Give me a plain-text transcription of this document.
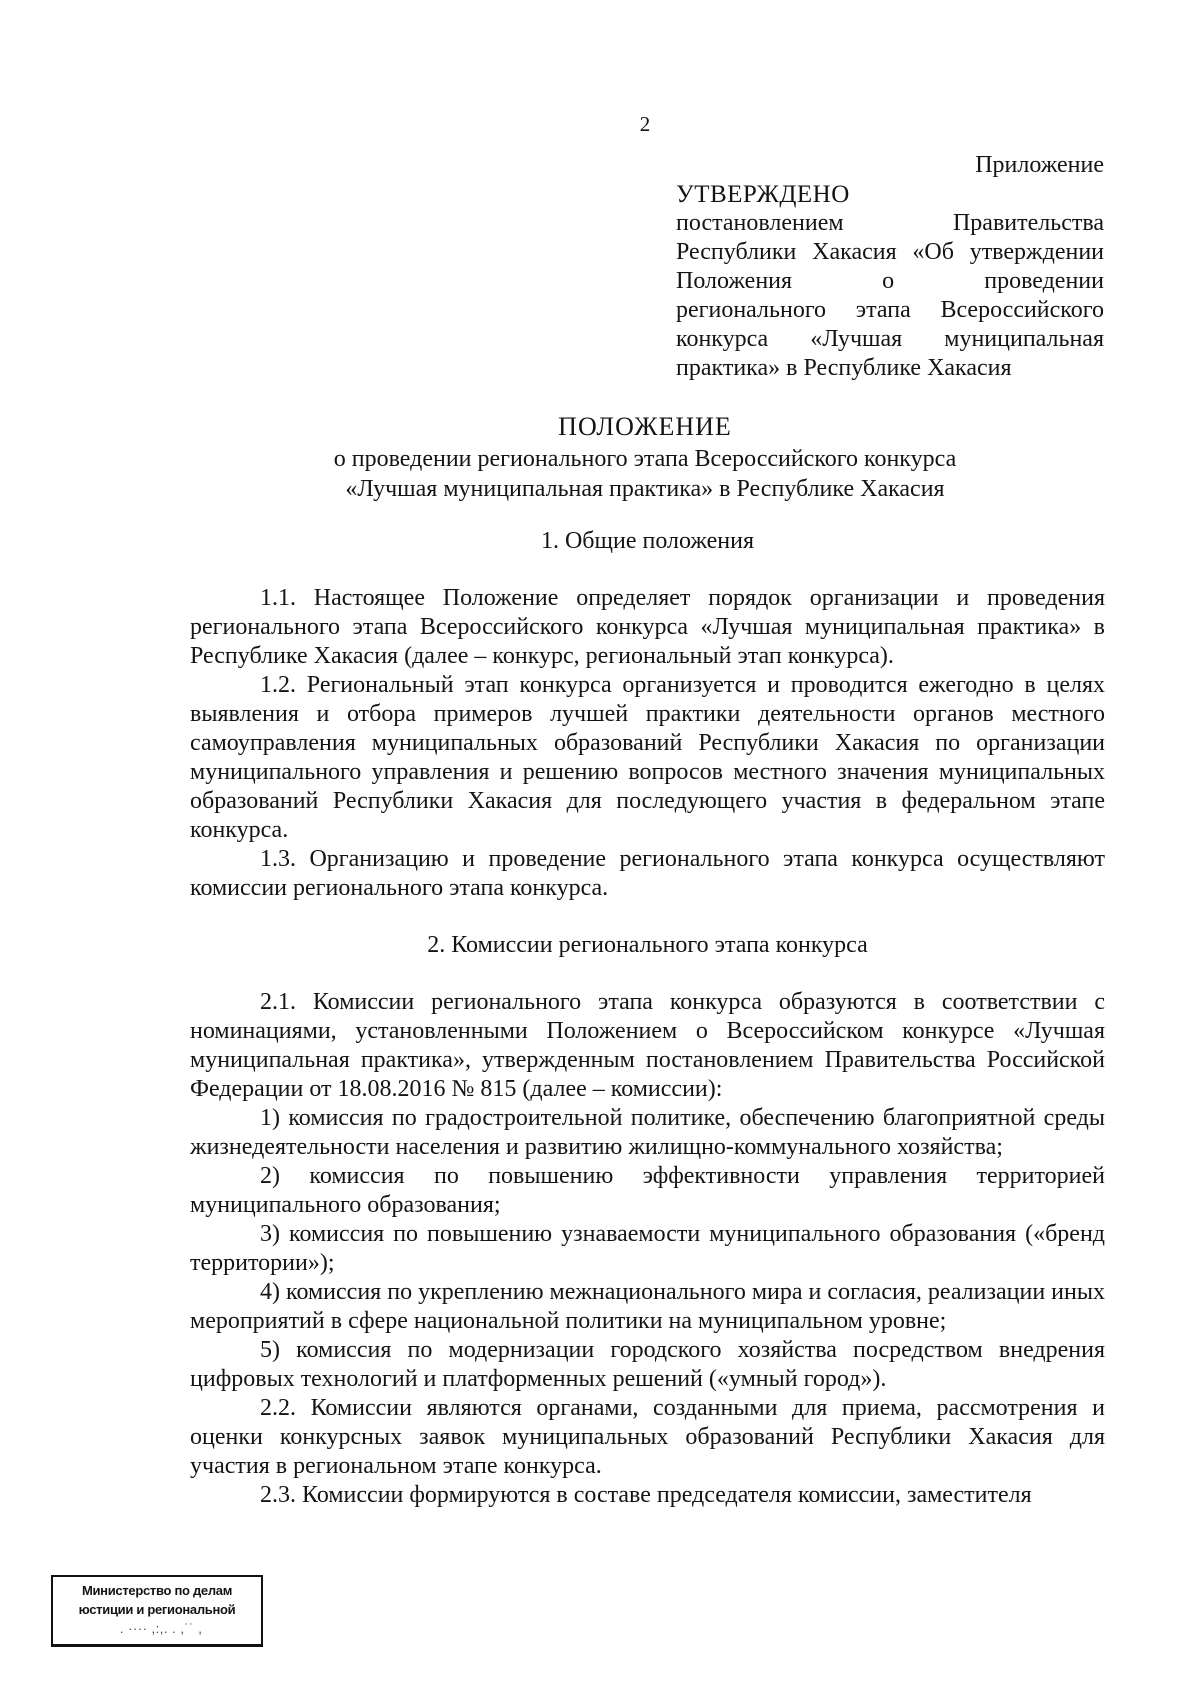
2
Приложение
УТВЕРЖДЕНО
постановлением Правительства
Республики Хакасия «Об утверждении
Положения о проведении
регионального этапа Всероссийского
конкурса «Лучшая муниципальная
практика» в Республике Хакасия
ПОЛОЖЕНИЕ
о проведении регионального этапа Всероссийского конкурса
«Лучшая муниципальная практика» в Республике Хакасия

1. Общие положения

1.1. Настоящее Положение определяет порядок организации и проведения регионального этапа Всероссийского конкурса «Лучшая муниципальная практика» в Республике Хакасия (далее – конкурс, региональный этап конкурса).

1.2. Региональный этап конкурса организуется и проводится ежегодно в целях выявления и отбора примеров лучшей практики деятельности органов местного самоуправления муниципальных образований Республики Хакасия по организации муниципального управления и решению вопросов местного значения муниципальных образований Республики Хакасия для последующего участия в федеральном этапе конкурса.

1.3. Организацию и проведение регионального этапа конкурса осуществляют комиссии регионального этапа конкурса.

2. Комиссии регионального этапа конкурса

2.1. Комиссии регионального этапа конкурса образуются в соответствии с номинациями, установленными Положением о Всероссийском конкурсе «Лучшая муниципальная практика», утвержденным постановлением Правительства Российской Федерации от 18.08.2016 № 815 (далее – комиссии):

1) комиссия по градостроительной политике, обеспечению благоприятной среды жизнедеятельности населения и развитию жилищно-коммунального хозяйства;

2) комиссия по повышению эффективности управления территорией муниципального образования;

3) комиссия по повышению узнаваемости муниципального образования («бренд территории»);

4) комиссия по укреплению межнационального мира и согласия, реализации иных мероприятий в сфере национальной политики на муниципальном уровне;

5) комиссия по модернизации городского хозяйства посредством внедрения цифровых технологий и платформенных решений («умный город»).

2.2. Комиссии являются органами, созданными для приема, рассмотрения и оценки конкурсных заявок муниципальных образований Республики Хакасия для участия в региональном этапе конкурса.

2.3. Комиссии формируются в составе председателя комиссии, заместителя

Министерство по делам
юстиции и региональной
. ···· ,:,. . ,˙˙ ,
